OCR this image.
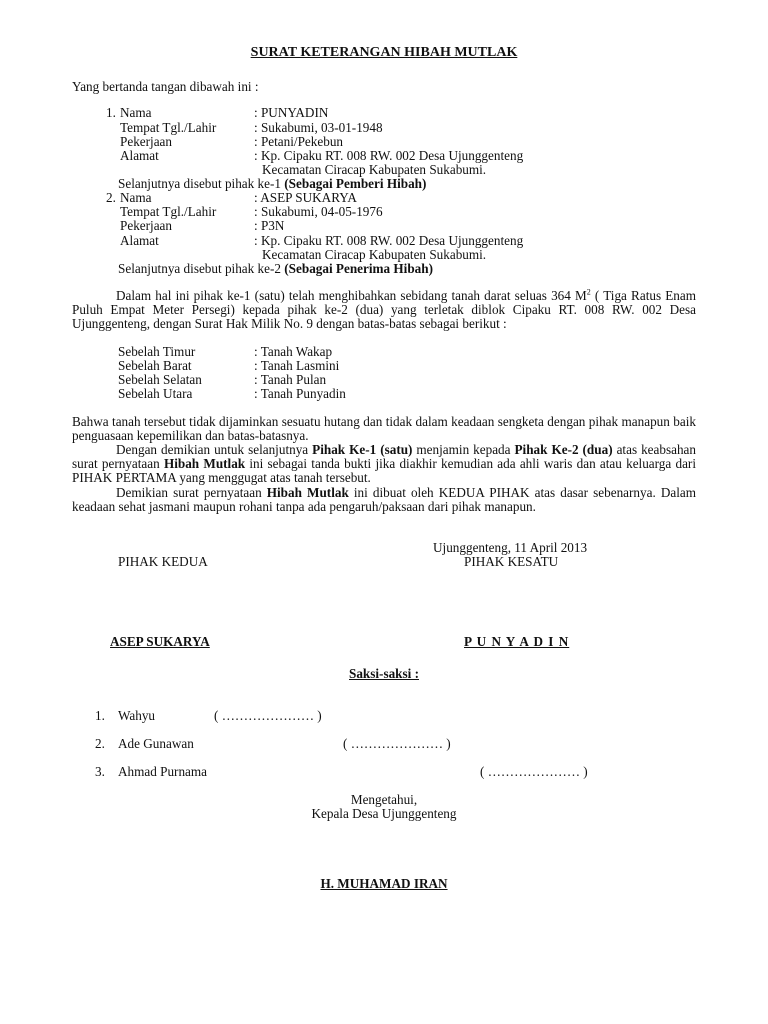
SURAT KETERANGAN HIBAH MUTLAK
Yang bertanda tangan dibawah ini :
1. Nama	: PUNYADIN
Tempat Tgl./Lahir	: Sukabumi, 03-01-1948
Pekerjaan	: Petani/Pekebun
Alamat	: Kp. Cipaku RT. 008 RW. 002 Desa Ujunggenteng
Kecamatan Ciracap Kabupaten Sukabumi.
Selanjutnya disebut pihak ke-1 (Sebagai Pemberi Hibah)
2. Nama	: ASEP SUKARYA
Tempat Tgl./Lahir	: Sukabumi, 04-05-1976
Pekerjaan	: P3N
Alamat	: Kp. Cipaku RT. 008 RW. 002 Desa Ujunggenteng
Kecamatan Ciracap Kabupaten Sukabumi.
Selanjutnya disebut pihak ke-2 (Sebagai Penerima Hibah)
Dalam hal ini pihak ke-1 (satu) telah menghibahkan sebidang tanah darat seluas 364 $M^2$ ( Tiga Ratus Enam Puluh Empat Meter Persegi) kepada pihak ke-2 (dua) yang terletak diblok Cipaku RT. 008 RW. 002 Desa Ujunggenteng, dengan Surat Hak Milik No. 9 dengan batas-batas sebagai berikut :
Sebelah Timur	: Tanah Wakap
Sebelah Barat	: Tanah Lasmini
Sebelah Selatan	: Tanah Pulan
Sebelah Utara	: Tanah Punyadin
Bahwa tanah tersebut tidak dijaminkan sesuatu hutang dan tidak dalam keadaan sengketa dengan pihak manapun baik penguasaan kepemilikan dan batas-batasnya.
Dengan demikian untuk selanjutnya Pihak Ke-1 (satu) menjamin kepada Pihak Ke-2 (dua) atas keabsahan surat pernyataan Hibah Mutlak ini sebagai tanda bukti jika diakhir kemudian ada ahli waris dan atau keluarga dari PIHAK PERTAMA yang menggugat atas tanah tersebut.
Demikian surat pernyataan Hibah Mutlak ini dibuat oleh KEDUA PIHAK atas dasar sebenarnya. Dalam keadaan sehat jasmani maupun rohani tanpa ada pengaruh/paksaan dari pihak manapun.
Ujunggenteng, 11 April 2013
PIHAK KEDUA	PIHAK KESATU
ASEP SUKARYA	P U N Y A D I N
Saksi-saksi :
1. Wahyu	( ………………… )
2. Ade Gunawan	( ………………… )
3. Ahmad Purnama	( ………………… )
Mengetahui,
Kepala Desa Ujunggenteng
H. MUHAMAD IRAN
